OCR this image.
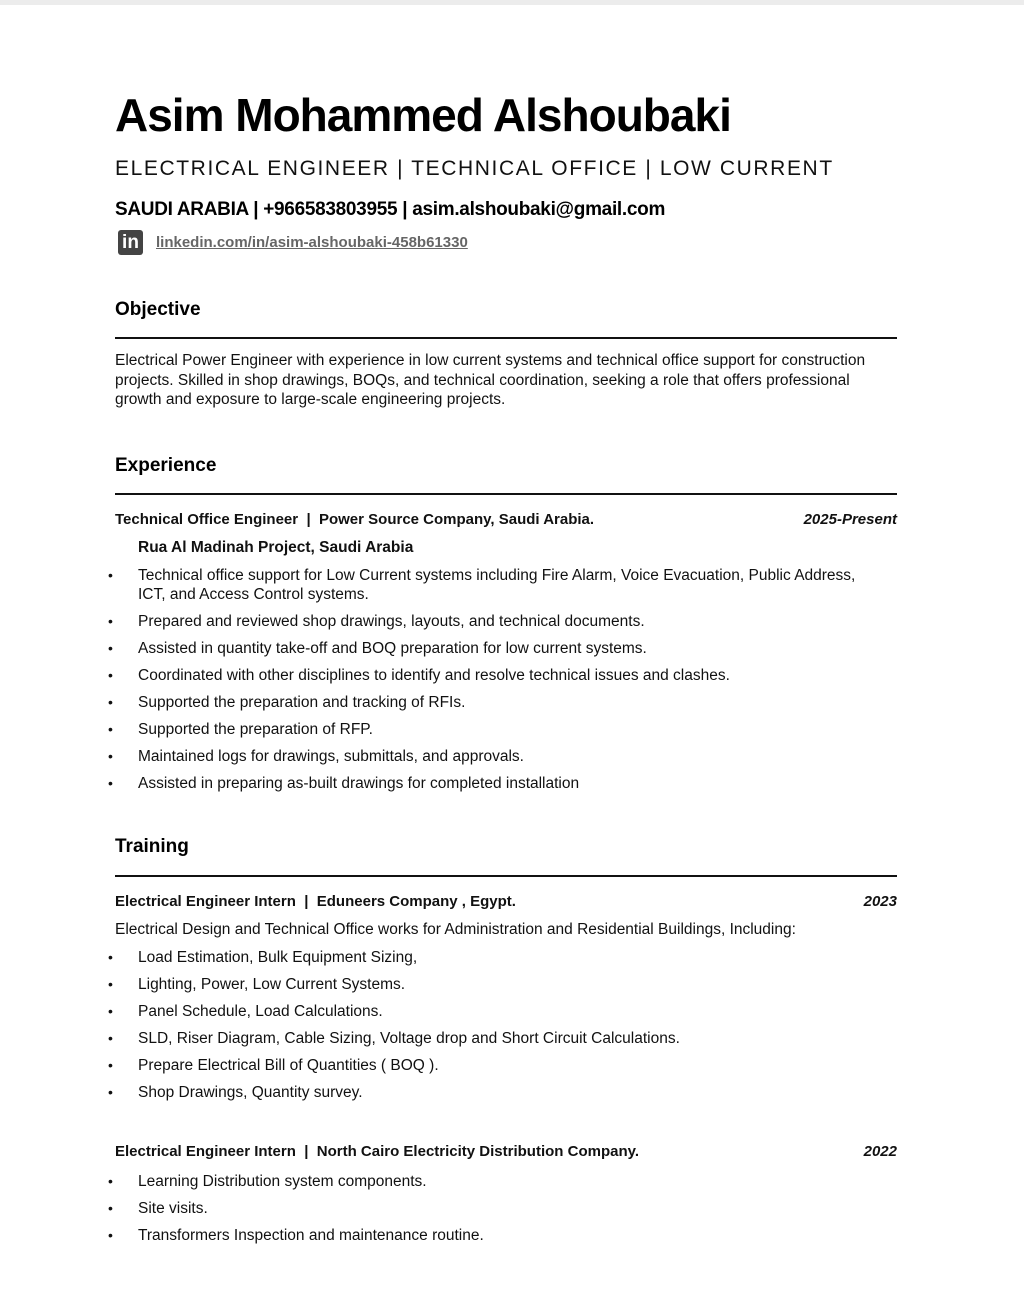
Asim Mohammed Alshoubaki
ELECTRICAL ENGINEER | TECHNICAL OFFICE | LOW CURRENT
SAUDI ARABIA | +966583803955 | asim.alshoubaki@gmail.com
in linkedin.com/in/asim-alshoubaki-458b61330
Objective
Electrical Power Engineer with experience in low current systems and technical office support for construction projects. Skilled in shop drawings, BOQs, and technical coordination, seeking a role that offers professional growth and exposure to large-scale engineering projects.
Experience
Technical Office Engineer  |  Power Source Company, Saudi Arabia.	2025-Present
Rua Al Madinah Project, Saudi Arabia
• Technical office support for Low Current systems including Fire Alarm, Voice Evacuation, Public Address, ICT, and Access Control systems.
• Prepared and reviewed shop drawings, layouts, and technical documents.
• Assisted in quantity take-off and BOQ preparation for low current systems.
• Coordinated with other disciplines to identify and resolve technical issues and clashes.
• Supported the preparation and tracking of RFIs.
• Supported the preparation of RFP.
• Maintained logs for drawings, submittals, and approvals.
• Assisted in preparing as-built drawings for completed installation
Training
Electrical Engineer Intern  |  Eduneers Company , Egypt.	2023
Electrical Design and Technical Office works for Administration and Residential Buildings, Including:
• Load Estimation, Bulk Equipment Sizing,
• Lighting, Power, Low Current Systems.
• Panel Schedule, Load Calculations.
• SLD, Riser Diagram, Cable Sizing, Voltage drop and Short Circuit Calculations.
• Prepare Electrical Bill of Quantities ( BOQ ).
• Shop Drawings, Quantity survey.
Electrical Engineer Intern  |  North Cairo Electricity Distribution Company.	2022
• Learning Distribution system components.
• Site visits.
• Transformers Inspection and maintenance routine.
